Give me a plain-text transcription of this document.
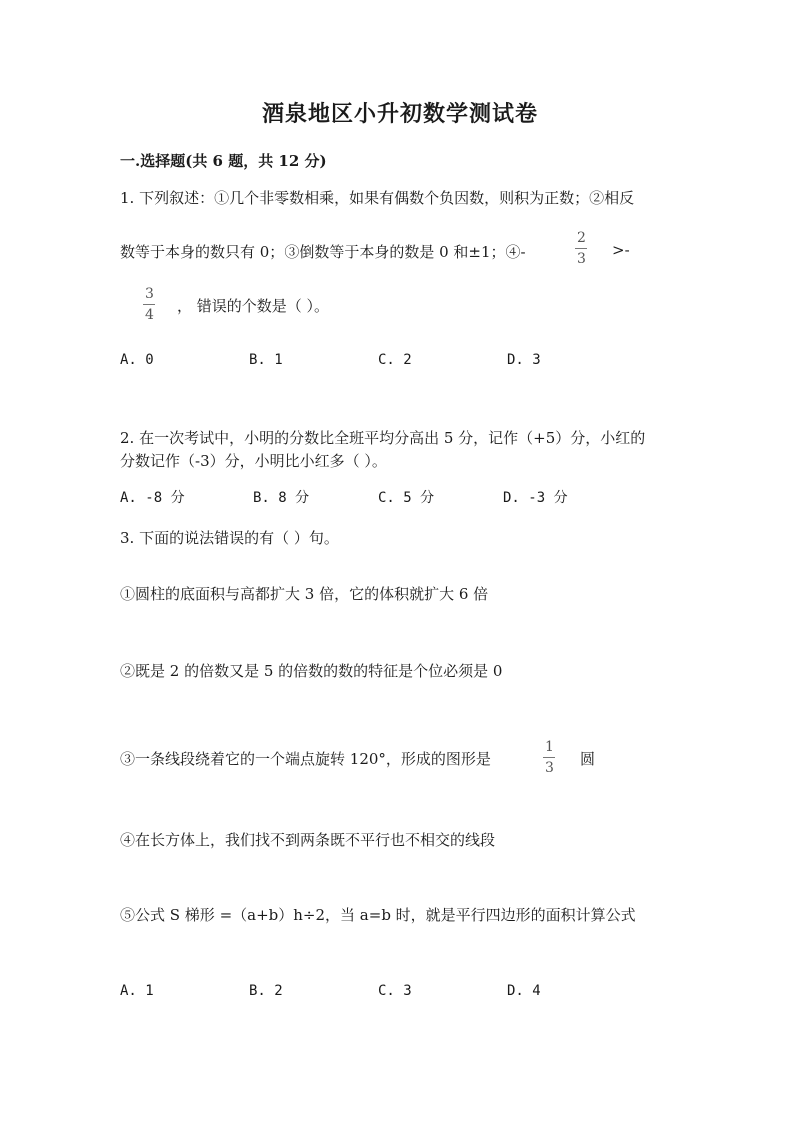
酒泉地区小升初数学测试卷
一.选择题(共 6 题，共 12 分)
1. 下列叙述：①几个非零数相乘，如果有偶数个负因数，则积为正数；②相反
数等于本身的数只有 0；③倒数等于本身的数是 0 和±1；④-
2
3 >-
3
4 ， 错误的个数是（ ）。
A. 0	B. 1	C. 2	D. 3
2. 在一次考试中，小明的分数比全班平均分高出 5 分，记作（+5）分，小红的
分数记作（-3）分，小明比小红多（ ）。
A. -8 分	B. 8 分	C. 5 分	D. -3 分
3. 下面的说法错误的有（ ）句。
①圆柱的底面积与高都扩大 3 倍，它的体积就扩大 6 倍
②既是 2 的倍数又是 5 的倍数的数的特征是个位必须是 0
③一条线段绕着它的一个端点旋转 120°，形成的图形是
1
3 圆
④在长方体上，我们找不到两条既不平行也不相交的线段
⑤公式 S 梯形 =（a+b）h÷2，当 a=b 时，就是平行四边形的面积计算公式
A. 1	B. 2	C. 3	D. 4
